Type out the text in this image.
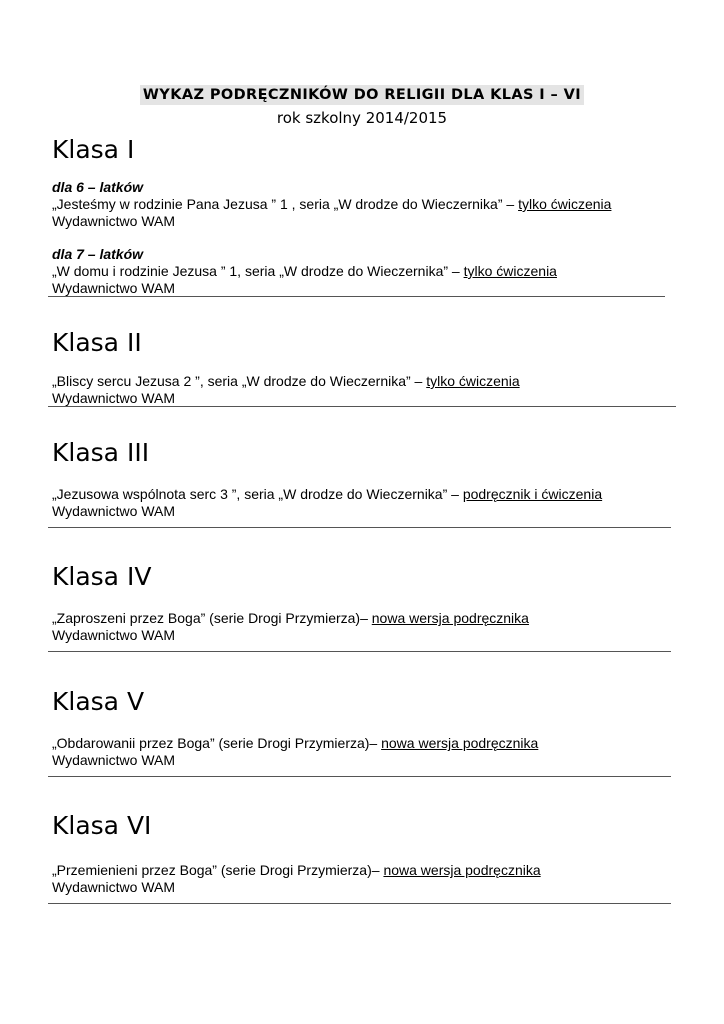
WYKAZ PODRĘCZNIKÓW DO RELIGII DLA KLAS I – VI
rok szkolny 2014/2015
Klasa I
dla 6 – latków
„Jesteśmy w rodzinie Pana Jezusa ” 1 , seria „W drodze do Wieczernika” – tylko ćwiczenia
Wydawnictwo WAM
dla 7 – latków
„W domu i rodzinie Jezusa ” 1, seria „W drodze do Wieczernika” – tylko ćwiczenia
Wydawnictwo WAM
Klasa II
„Bliscy sercu Jezusa 2 ”, seria „W drodze do Wieczernika” – tylko ćwiczenia
Wydawnictwo WAM
Klasa III
„Jezusowa wspólnota serc 3 ”, seria „W drodze do Wieczernika” – podręcznik i ćwiczenia
Wydawnictwo WAM
Klasa IV
„Zaproszeni przez Boga” (serie Drogi Przymierza)– nowa wersja podręcznika
Wydawnictwo WAM
Klasa V
„Obdarowanii przez Boga” (serie Drogi Przymierza)– nowa wersja podręcznika
Wydawnictwo WAM
Klasa VI
„Przemienieni przez Boga” (serie Drogi Przymierza)– nowa wersja podręcznika
Wydawnictwo WAM
